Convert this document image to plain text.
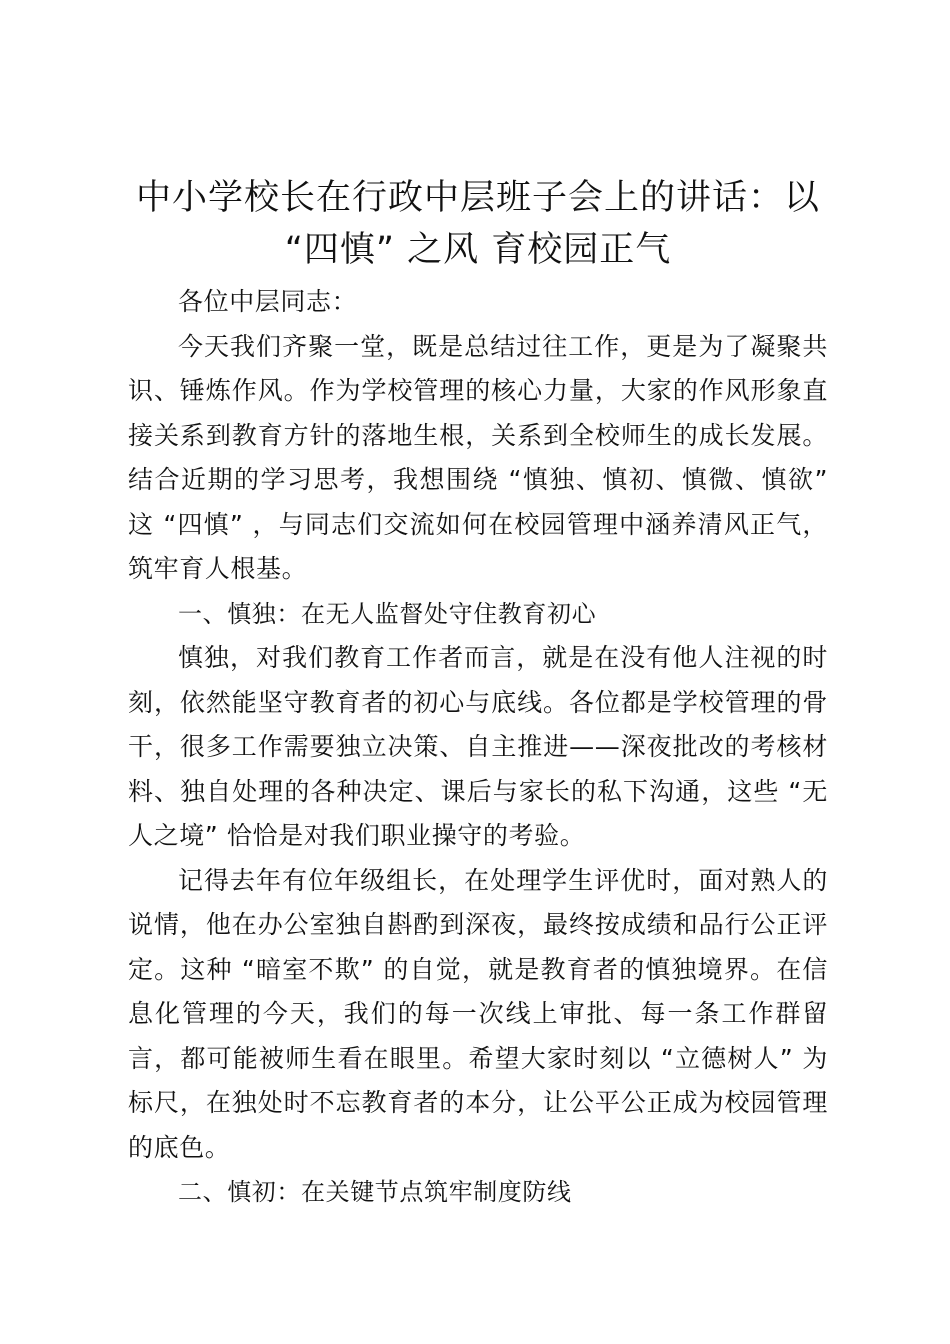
中小学校长在行政中层班子会上的讲话：以
“四慎” 之风 育校园正气

各位中层同志：

今天我们齐聚一堂，既是总结过往工作，更是为了凝聚共识、锤炼作风。作为学校管理的核心力量，大家的作风形象直接关系到教育方针的落地生根，关系到全校师生的成长发展。结合近期的学习思考，我想围绕 “慎独、慎初、慎微、慎欲” 这 “四慎” ，与同志们交流如何在校园管理中涵养清风正气，筑牢育人根基。

一、慎独：在无人监督处守住教育初心

慎独，对我们教育工作者而言，就是在没有他人注视的时刻，依然能坚守教育者的初心与底线。各位都是学校管理的骨干，很多工作需要独立决策、自主推进——深夜批改的考核材料、独自处理的各种决定、课后与家长的私下沟通，这些 “无人之境” 恰恰是对我们职业操守的考验。

记得去年有位年级组长，在处理学生评优时，面对熟人的说情，他在办公室独自斟酌到深夜，最终按成绩和品行公正评定。这种 “暗室不欺” 的自觉，就是教育者的慎独境界。在信息化管理的今天，我们的每一次线上审批、每一条工作群留言，都可能被师生看在眼里。希望大家时刻以 “立德树人” 为标尺，在独处时不忘教育者的本分，让公平公正成为校园管理的底色。

二、慎初：在关键节点筑牢制度防线
